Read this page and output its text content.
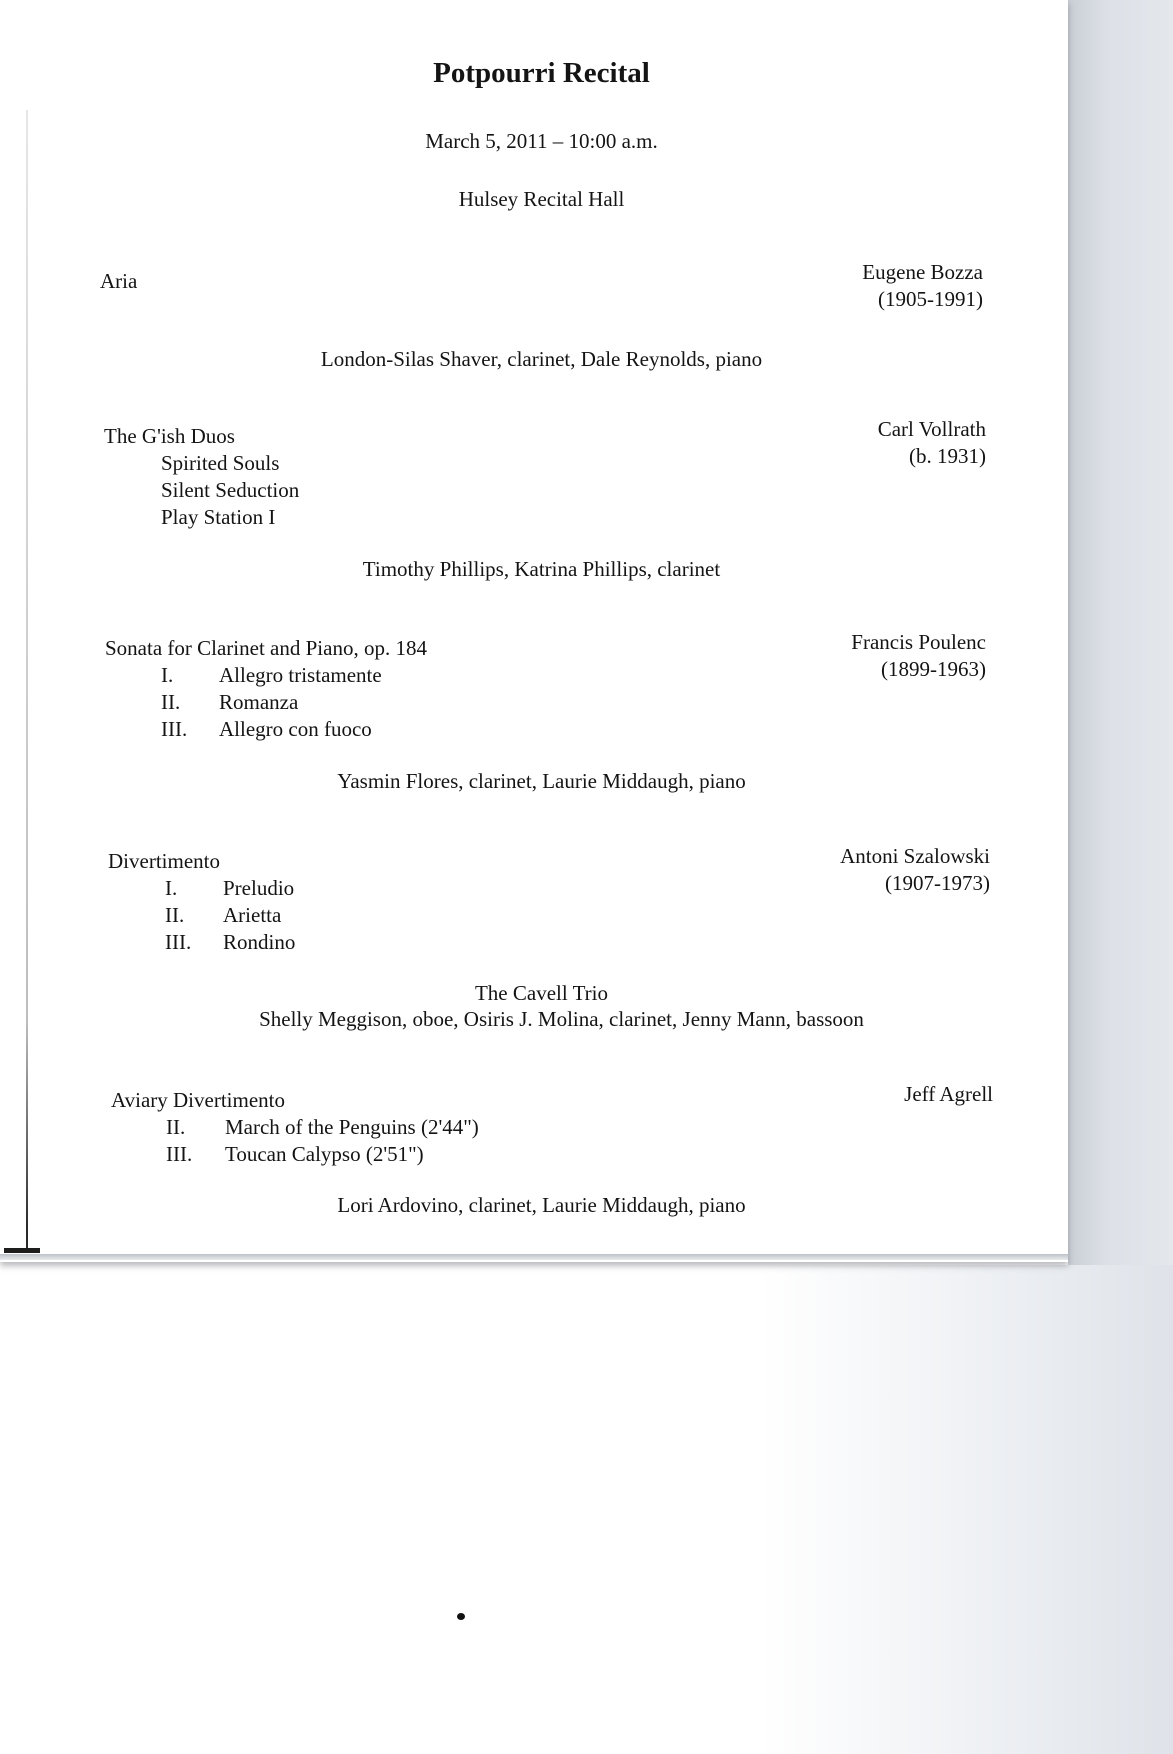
Potpourri Recital
March 5, 2011 – 10:00 a.m.
Hulsey Recital Hall
Aria	Eugene Bozza
(1905-1991)
London-Silas Shaver, clarinet, Dale Reynolds, piano
The G'ish Duos
Spirited Souls
Silent Seduction
Play Station I
Carl Vollrath
(b. 1931)
Timothy Phillips, Katrina Phillips, clarinet
Sonata for Clarinet and Piano, op. 184
I. Allegro tristamente
II. Romanza
III. Allegro con fuoco
Francis Poulenc
(1899-1963)
Yasmin Flores, clarinet, Laurie Middaugh, piano
Divertimento
I. Preludio
II. Arietta
III. Rondino
Antoni Szalowski
(1907-1973)
The Cavell Trio
Shelly Meggison, oboe, Osiris J. Molina, clarinet, Jenny Mann, bassoon
Aviary Divertimento
II. March of the Penguins (2'44")
III. Toucan Calypso (2'51")
Jeff Agrell
Lori Ardovino, clarinet, Laurie Middaugh, piano
